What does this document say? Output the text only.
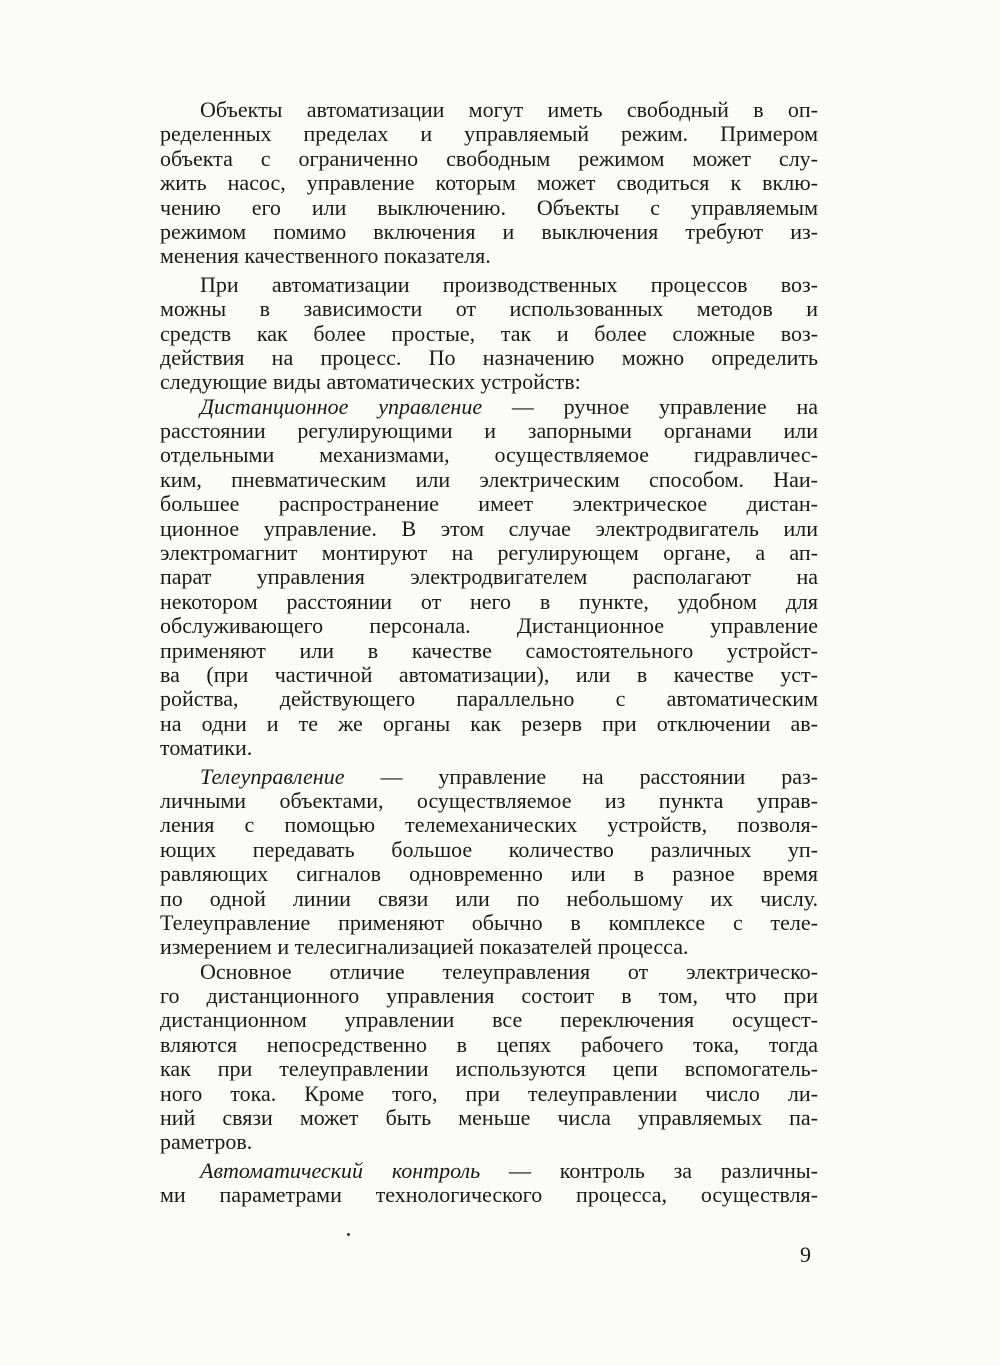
Объекты автоматизации могут иметь свободный в оп-
ределенных пределах и управляемый режим. Примером
объекта с ограниченно свободным режимом может слу-
жить насос, управление которым может сводиться к вклю-
чению его или выключению. Объекты с управляемым
режимом помимо включения и выключения требуют из-
менения качественного показателя.
При автоматизации производственных процессов воз-
можны в зависимости от использованных методов и
средств как более простые, так и более сложные воз-
действия на процесс. По назначению можно определить
следующие виды автоматических устройств:
Дистанционное управление — ручное управление на
расстоянии регулирующими и запорными органами или
отдельными механизмами, осуществляемое гидравличес-
ким, пневматическим или электрическим способом. Наи-
большее распространение имеет электрическое дистан-
ционное управление. В этом случае электродвигатель или
электромагнит монтируют на регулирующем органе, а ап-
парат управления электродвигателем располагают на
некотором расстоянии от него в пункте, удобном для
обслуживающего персонала. Дистанционное управление
применяют или в качестве самостоятельного устройст-
ва (при частичной автоматизации), или в качестве уст-
ройства, действующего параллельно с автоматическим
на одни и те же органы как резерв при отключении ав-
томатики.
Телеуправление — управление на расстоянии раз-
личными объектами, осуществляемое из пункта управ-
ления с помощью телемеханических устройств, позволя-
ющих передавать большое количество различных уп-
равляющих сигналов одновременно или в разное время
по одной линии связи или по небольшому их числу.
Телеуправление применяют обычно в комплексе с теле-
измерением и телесигнализацией показателей процесса.
Основное отличие телеуправления от электрическо-
го дистанционного управления состоит в том, что при
дистанционном управлении все переключения осущест-
вляются непосредственно в цепях рабочего тока, тогда
как при телеуправлении используются цепи вспомогатель-
ного тока. Кроме того, при телеуправлении число ли-
ний связи может быть меньше числа управляемых па-
раметров.
Автоматический контроль — контроль за различны-
ми параметрами технологического процесса, осуществля-
9
